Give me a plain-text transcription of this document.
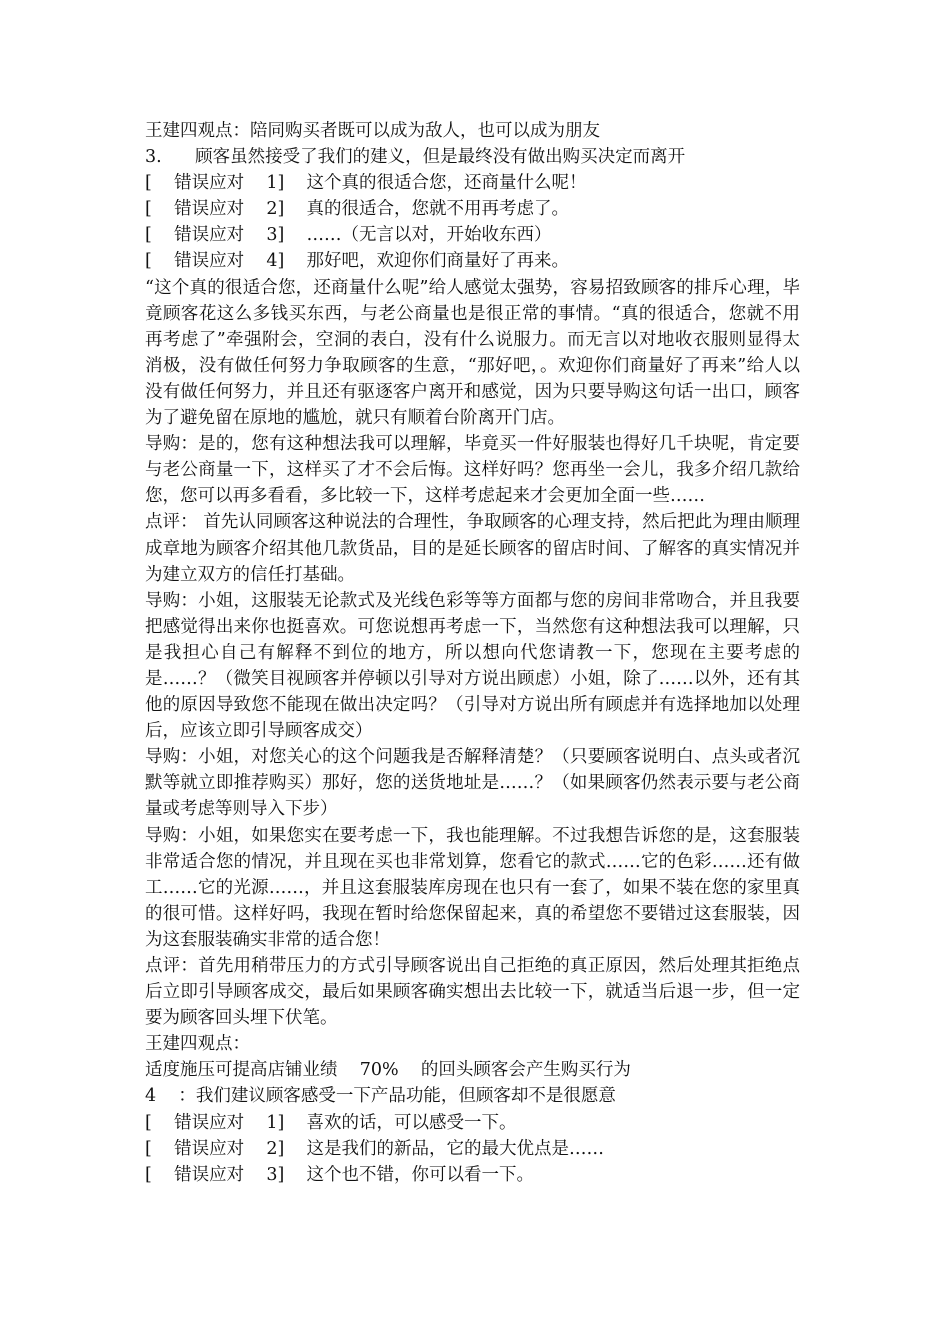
王建四观点：陪同购买者既可以成为敌人，也可以成为朋友
3.      顾客虽然接受了我们的建义，但是最终没有做出购买决定而离开
[    错误应对    1]    这个真的很适合您，还商量什么呢！
[    错误应对    2]    真的很适合，您就不用再考虑了。
[    错误应对    3]    ……（无言以对，开始收东西）
[    错误应对    4]    那好吧，欢迎你们商量好了再来。
“这个真的很适合您，还商量什么呢”给人感觉太强势，容易招致顾客的排斥心理，毕竟顾客花这么多钱买东西，与老公商量也是很正常的事情。“真的很适合，您就不用再考虑了”牵强附会，空洞的表白，没有什么说服力。而无言以对地收衣服则显得太消极，没有做任何努力争取顾客的生意，“那好吧，。欢迎你们商量好了再来”给人以没有做任何努力，并且还有驱逐客户离开和感觉，因为只要导购这句话一出口，顾客为了避免留在原地的尴尬，就只有顺着台阶离开门店。
导购：是的，您有这种想法我可以理解，毕竟买一件好服装也得好几千块呢，肯定要与老公商量一下，这样买了才不会后悔。这样好吗？您再坐一会儿，我多介绍几款给您，您可以再多看看，多比较一下，这样考虑起来才会更加全面一些……
点评： 首先认同顾客这种说法的合理性，争取顾客的心理支持，然后把此为理由顺理成章地为顾客介绍其他几款货品，目的是延长顾客的留店时间、了解客的真实情况并为建立双方的信任打基础。
导购：小姐，这服装无论款式及光线色彩等等方面都与您的房间非常吻合，并且我要把感觉得出来你也挺喜欢。可您说想再考虑一下，当然您有这种想法我可以理解，只是我担心自己有解释不到位的地方，所以想向代您请教一下，您现在主要考虑的是……？（微笑目视顾客并停顿以引导对方说出顾虑）小姐，除了……以外，还有其他的原因导致您不能现在做出决定吗？（引导对方说出所有顾虑并有选择地加以处理后，应该立即引导顾客成交）
导购：小姐，对您关心的这个问题我是否解释清楚？（只要顾客说明白、点头或者沉默等就立即推荐购买）那好，您的送货地址是……？（如果顾客仍然表示要与老公商量或考虑等则导入下步）
导购：小姐，如果您实在要考虑一下，我也能理解。不过我想告诉您的是，这套服装非常适合您的情况，并且现在买也非常划算，您看它的款式……它的色彩……还有做工……它的光源……，并且这套服装库房现在也只有一套了，如果不装在您的家里真的很可惜。这样好吗，我现在暂时给您保留起来，真的希望您不要错过这套服装，因为这套服装确实非常的适合您！
点评：首先用稍带压力的方式引导顾客说出自己拒绝的真正原因，然后处理其拒绝点后立即引导顾客成交，最后如果顾客确实想出去比较一下，就适当后退一步，但一定要为顾客回头埋下伏笔。
王建四观点：
适度施压可提高店铺业绩    70%    的回头顾客会产生购买行为
4    ：我们建议顾客感受一下产品功能，但顾客却不是很愿意
[    错误应对    1]    喜欢的话，可以感受一下。
[    错误应对    2]    这是我们的新品，它的最大优点是……
[    错误应对    3]    这个也不错，你可以看一下。
